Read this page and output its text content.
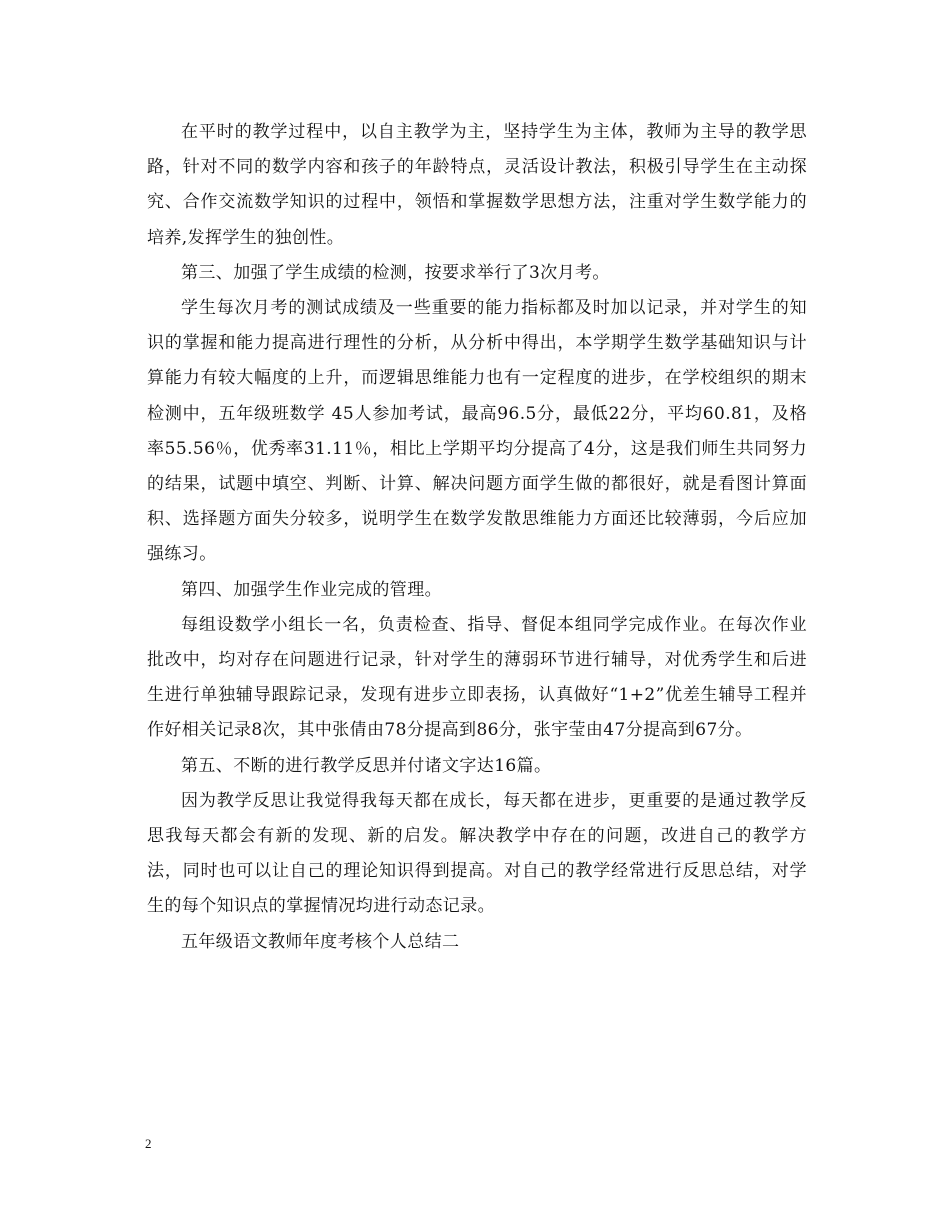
在平时的教学过程中，以自主教学为主，坚持学生为主体，教师为主导的教学思路，针对不同的数学内容和孩子的年龄特点，灵活设计教法，积极引导学生在主动探究、合作交流数学知识的过程中，领悟和掌握数学思想方法，注重对学生数学能力的培养,发挥学生的独创性。

第三、加强了学生成绩的检测，按要求举行了3次月考。

学生每次月考的测试成绩及一些重要的能力指标都及时加以记录，并对学生的知识的掌握和能力提高进行理性的分析，从分析中得出，本学期学生数学基础知识与计算能力有较大幅度的上升，而逻辑思维能力也有一定程度的进步，在学校组织的期末检测中，五年级班数学 45人参加考试，最高96.5分，最低22分，平均60.81，及格率55.56％，优秀率31.11％，相比上学期平均分提高了4分，这是我们师生共同努力的结果，试题中填空、判断、计算、解决问题方面学生做的都很好，就是看图计算面积、选择题方面失分较多，说明学生在数学发散思维能力方面还比较薄弱，今后应加强练习。

第四、加强学生作业完成的管理。

每组设数学小组长一名，负责检查、指导、督促本组同学完成作业。在每次作业批改中，均对存在问题进行记录，针对学生的薄弱环节进行辅导，对优秀学生和后进生进行单独辅导跟踪记录，发现有进步立即表扬，认真做好“1+2”优差生辅导工程并作好相关记录8次，其中张倩由78分提高到86分，张宇莹由47分提高到67分。

第五、不断的进行教学反思并付诸文字达16篇。

因为教学反思让我觉得我每天都在成长，每天都在进步，更重要的是通过教学反思我每天都会有新的发现、新的启发。解决教学中存在的问题，改进自己的教学方法，同时也可以让自己的理论知识得到提高。对自己的教学经常进行反思总结，对学生的每个知识点的掌握情况均进行动态记录。

五年级语文教师年度考核个人总结二

2
